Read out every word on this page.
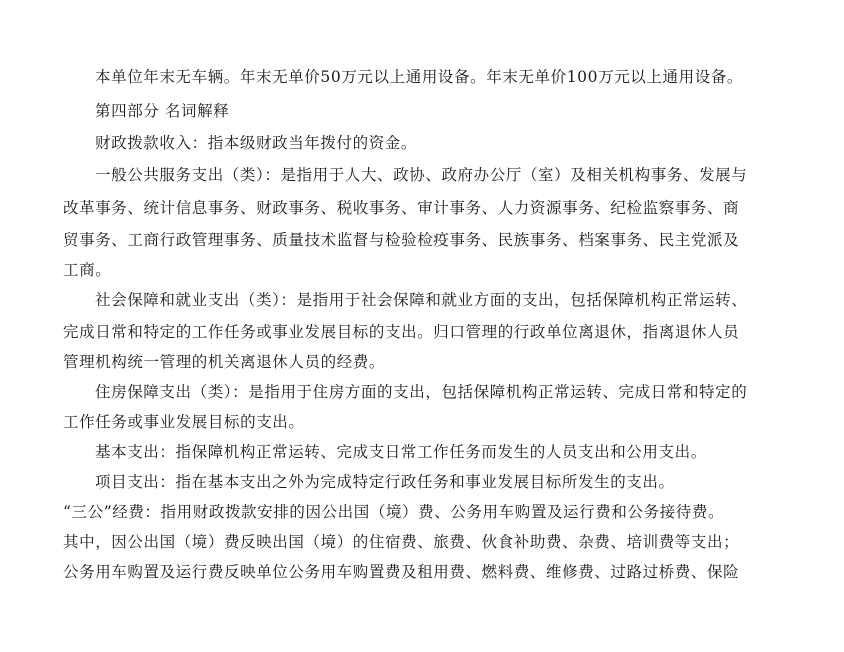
本单位年末无车辆。年末无单价50万元以上通用设备。年末无单价100万元以上通用设备。
第四部分 名词解释
财政拨款收入：指本级财政当年拨付的资金。
一般公共服务支出（类）：是指用于人大、政协、政府办公厅（室）及相关机构事务、发展与
改革事务、统计信息事务、财政事务、税收事务、审计事务、人力资源事务、纪检监察事务、商
贸事务、工商行政管理事务、质量技术监督与检验检疫事务、民族事务、档案事务、民主党派及
工商。
社会保障和就业支出（类）：是指用于社会保障和就业方面的支出，包括保障机构正常运转、
完成日常和特定的工作任务或事业发展目标的支出。归口管理的行政单位离退休，指离退休人员
管理机构统一管理的机关离退休人员的经费。
住房保障支出（类）：是指用于住房方面的支出，包括保障机构正常运转、完成日常和特定的
工作任务或事业发展目标的支出。
基本支出：指保障机构正常运转、完成支日常工作任务而发生的人员支出和公用支出。
项目支出：指在基本支出之外为完成特定行政任务和事业发展目标所发生的支出。
“三公”经费：指用财政拨款安排的因公出国（境）费、公务用车购置及运行费和公务接待费。
其中，因公出国（境）费反映出国（境）的住宿费、旅费、伙食补助费、杂费、培训费等支出；
公务用车购置及运行费反映单位公务用车购置费及租用费、燃料费、维修费、过路过桥费、保险
